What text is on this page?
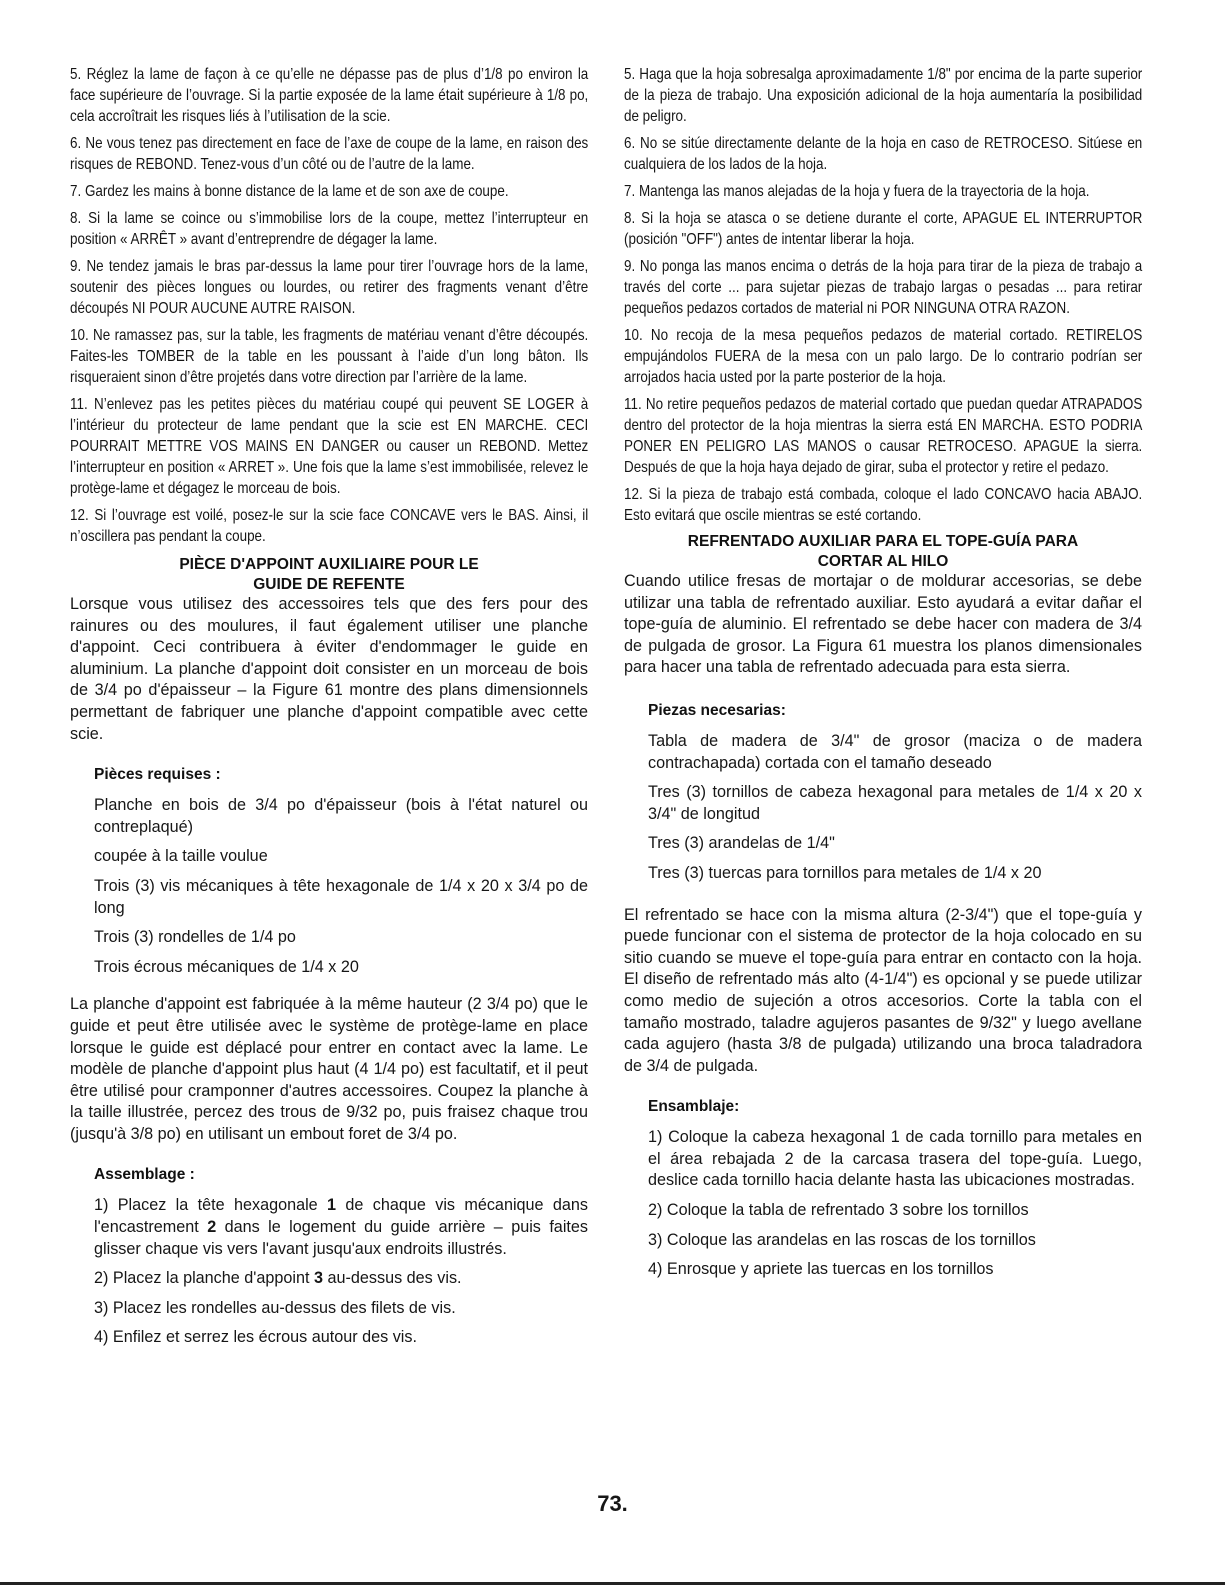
5. Réglez la lame de façon à ce qu’elle ne dépasse pas de plus d’1/8 po environ la face supérieure de l’ouvrage. Si la partie exposée de la lame était supérieure à 1/8 po, cela accroîtrait les risques liés à l’utilisation de la scie.

6. Ne vous tenez pas directement en face de l’axe de coupe de la lame, en raison des risques de REBOND. Tenez-vous d’un côté ou de l’autre de la lame.

7. Gardez les mains à bonne distance de la lame et de son axe de coupe.

8. Si la lame se coince ou s’immobilise lors de la coupe, mettez l’interrupteur en position « ARRÊT » avant d’entreprendre de dégager la lame.

9. Ne tendez jamais le bras par-dessus la lame pour tirer l’ouvrage hors de la lame, soutenir des pièces longues ou lourdes, ou retirer des fragments venant d’être découpés NI POUR AUCUNE AUTRE RAISON.

10. Ne ramassez pas, sur la table, les fragments de matériau venant d’être découpés. Faites-les TOMBER de la table en les poussant à l’aide d’un long bâton. Ils risqueraient sinon d’être projetés dans votre direction par l’arrière de la lame.

11. N’enlevez pas les petites pièces du matériau coupé qui peuvent SE LOGER à l’intérieur du protecteur de lame pendant que la scie est EN MARCHE. CECI POURRAIT METTRE VOS MAINS EN DANGER ou causer un REBOND. Mettez l’interrupteur en position « ARRET ». Une fois que la lame s’est immobilisée, relevez le protège-lame et dégagez le morceau de bois.

12. Si l’ouvrage est voilé, posez-le sur la scie face CONCAVE vers le BAS. Ainsi, il n’oscillera pas pendant la coupe.

PIÈCE D'APPOINT AUXILIAIRE POUR LE

GUIDE DE REFENTE

Lorsque vous utilisez des accessoires tels que des fers pour des rainures ou des moulures, il faut également utiliser une planche d'appoint. Ceci contribuera à éviter d'endommager le guide en aluminium. La planche d'appoint doit consister en un morceau de bois de 3/4 po d'épaisseur – la Figure 61 montre des plans dimensionnels permettant de fabriquer une planche d'appoint compatible avec cette scie.

Pièces requises :

Planche en bois de 3/4 po d'épaisseur (bois à l'état naturel ou contreplaqué)

coupée à la taille voulue

Trois (3) vis mécaniques à tête hexagonale de 1/4 x 20 x 3/4 po de long

Trois (3) rondelles de 1/4 po

Trois écrous mécaniques de 1/4 x 20

La planche d'appoint est fabriquée à la même hauteur (2 3/4 po) que le guide et peut être utilisée avec le système de protège-lame en place lorsque le guide est déplacé pour entrer en contact avec la lame. Le modèle de planche d'appoint plus haut (4 1/4 po) est facultatif, et il peut être utilisé pour cramponner d'autres accessoires. Coupez la planche à la taille illustrée, percez des trous de 9/32 po, puis fraisez chaque trou (jusqu'à 3/8 po) en utilisant un embout foret de 3/4 po.

Assemblage :

1) Placez la tête hexagonale 1 de chaque vis mécanique dans l'encastrement 2 dans le logement du guide arrière – puis faites glisser chaque vis vers l'avant jusqu'aux endroits illustrés.

2) Placez la planche d'appoint 3 au-dessus des vis.

3) Placez les rondelles au-dessus des filets de vis.

4) Enfilez et serrez les écrous autour des vis.

5. Haga que la hoja sobresalga aproximadamente 1/8" por encima de la parte superior de la pieza de trabajo. Una exposición adicional de la hoja aumentaría la posibilidad de peligro.

6. No se sitúe directamente delante de la hoja en caso de RETROCESO. Sitúese en cualquiera de los lados de la hoja.

7. Mantenga las manos alejadas de la hoja y fuera de la trayectoria de la hoja.

8. Si la hoja se atasca o se detiene durante el corte, APAGUE EL INTERRUPTOR (posición "OFF") antes de intentar liberar la hoja.

9. No ponga las manos encima o detrás de la hoja para tirar de la pieza de trabajo a través del corte ... para sujetar piezas de trabajo largas o pesadas ... para retirar pequeños pedazos cortados de material ni POR NINGUNA OTRA RAZON.

10. No recoja de la mesa pequeños pedazos de material cortado. RETIRELOS empujándolos FUERA de la mesa con un palo largo. De lo contrario podrían ser arrojados hacia usted por la parte posterior de la hoja.

11. No retire pequeños pedazos de material cortado que puedan quedar ATRAPADOS dentro del protector de la hoja mientras la sierra está EN MARCHA. ESTO PODRIA PONER EN PELIGRO LAS MANOS o causar RETROCESO. APAGUE la sierra. Después de que la hoja haya dejado de girar, suba el protector y retire el pedazo.

12. Si la pieza de trabajo está combada, coloque el lado CONCAVO hacia ABAJO. Esto evitará que oscile mientras se esté cortando.

REFRENTADO AUXILIAR PARA EL TOPE-GUÍA PARA

CORTAR AL HILO

Cuando utilice fresas de mortajar o de moldurar accesorias, se debe utilizar una tabla de refrentado auxiliar. Esto ayudará a evitar dañar el tope-guía de aluminio. El refrentado se debe hacer con madera de 3/4 de pulgada de grosor. La Figura 61 muestra los planos dimensionales para hacer una tabla de refrentado adecuada para esta sierra.

Piezas necesarias:

Tabla de madera de 3/4" de grosor (maciza o de madera contrachapada) cortada con el tamaño deseado

Tres (3) tornillos de cabeza hexagonal para metales de 1/4 x 20 x 3/4" de longitud

Tres (3) arandelas de 1/4"

Tres (3) tuercas para tornillos para metales de 1/4 x 20

El refrentado se hace con la misma altura (2-3/4") que el tope-guía y puede funcionar con el sistema de protector de la hoja colocado en su sitio cuando se mueve el tope-guía para entrar en contacto con la hoja. El diseño de refrentado más alto (4-1/4") es opcional y se puede utilizar como medio de sujeción a otros accesorios. Corte la tabla con el tamaño mostrado, taladre agujeros pasantes de 9/32" y luego avellane cada agujero (hasta 3/8 de pulgada) utilizando una broca taladradora de 3/4 de pulgada.

Ensamblaje:

1) Coloque la cabeza hexagonal 1 de cada tornillo para metales en el área rebajada 2 de la carcasa trasera del tope-guía. Luego, deslice cada tornillo hacia delante hasta las ubicaciones mostradas.

2) Coloque la tabla de refrentado 3 sobre los tornillos

3) Coloque las arandelas en las roscas de los tornillos

4) Enrosque y apriete las tuercas en los tornillos

73.
